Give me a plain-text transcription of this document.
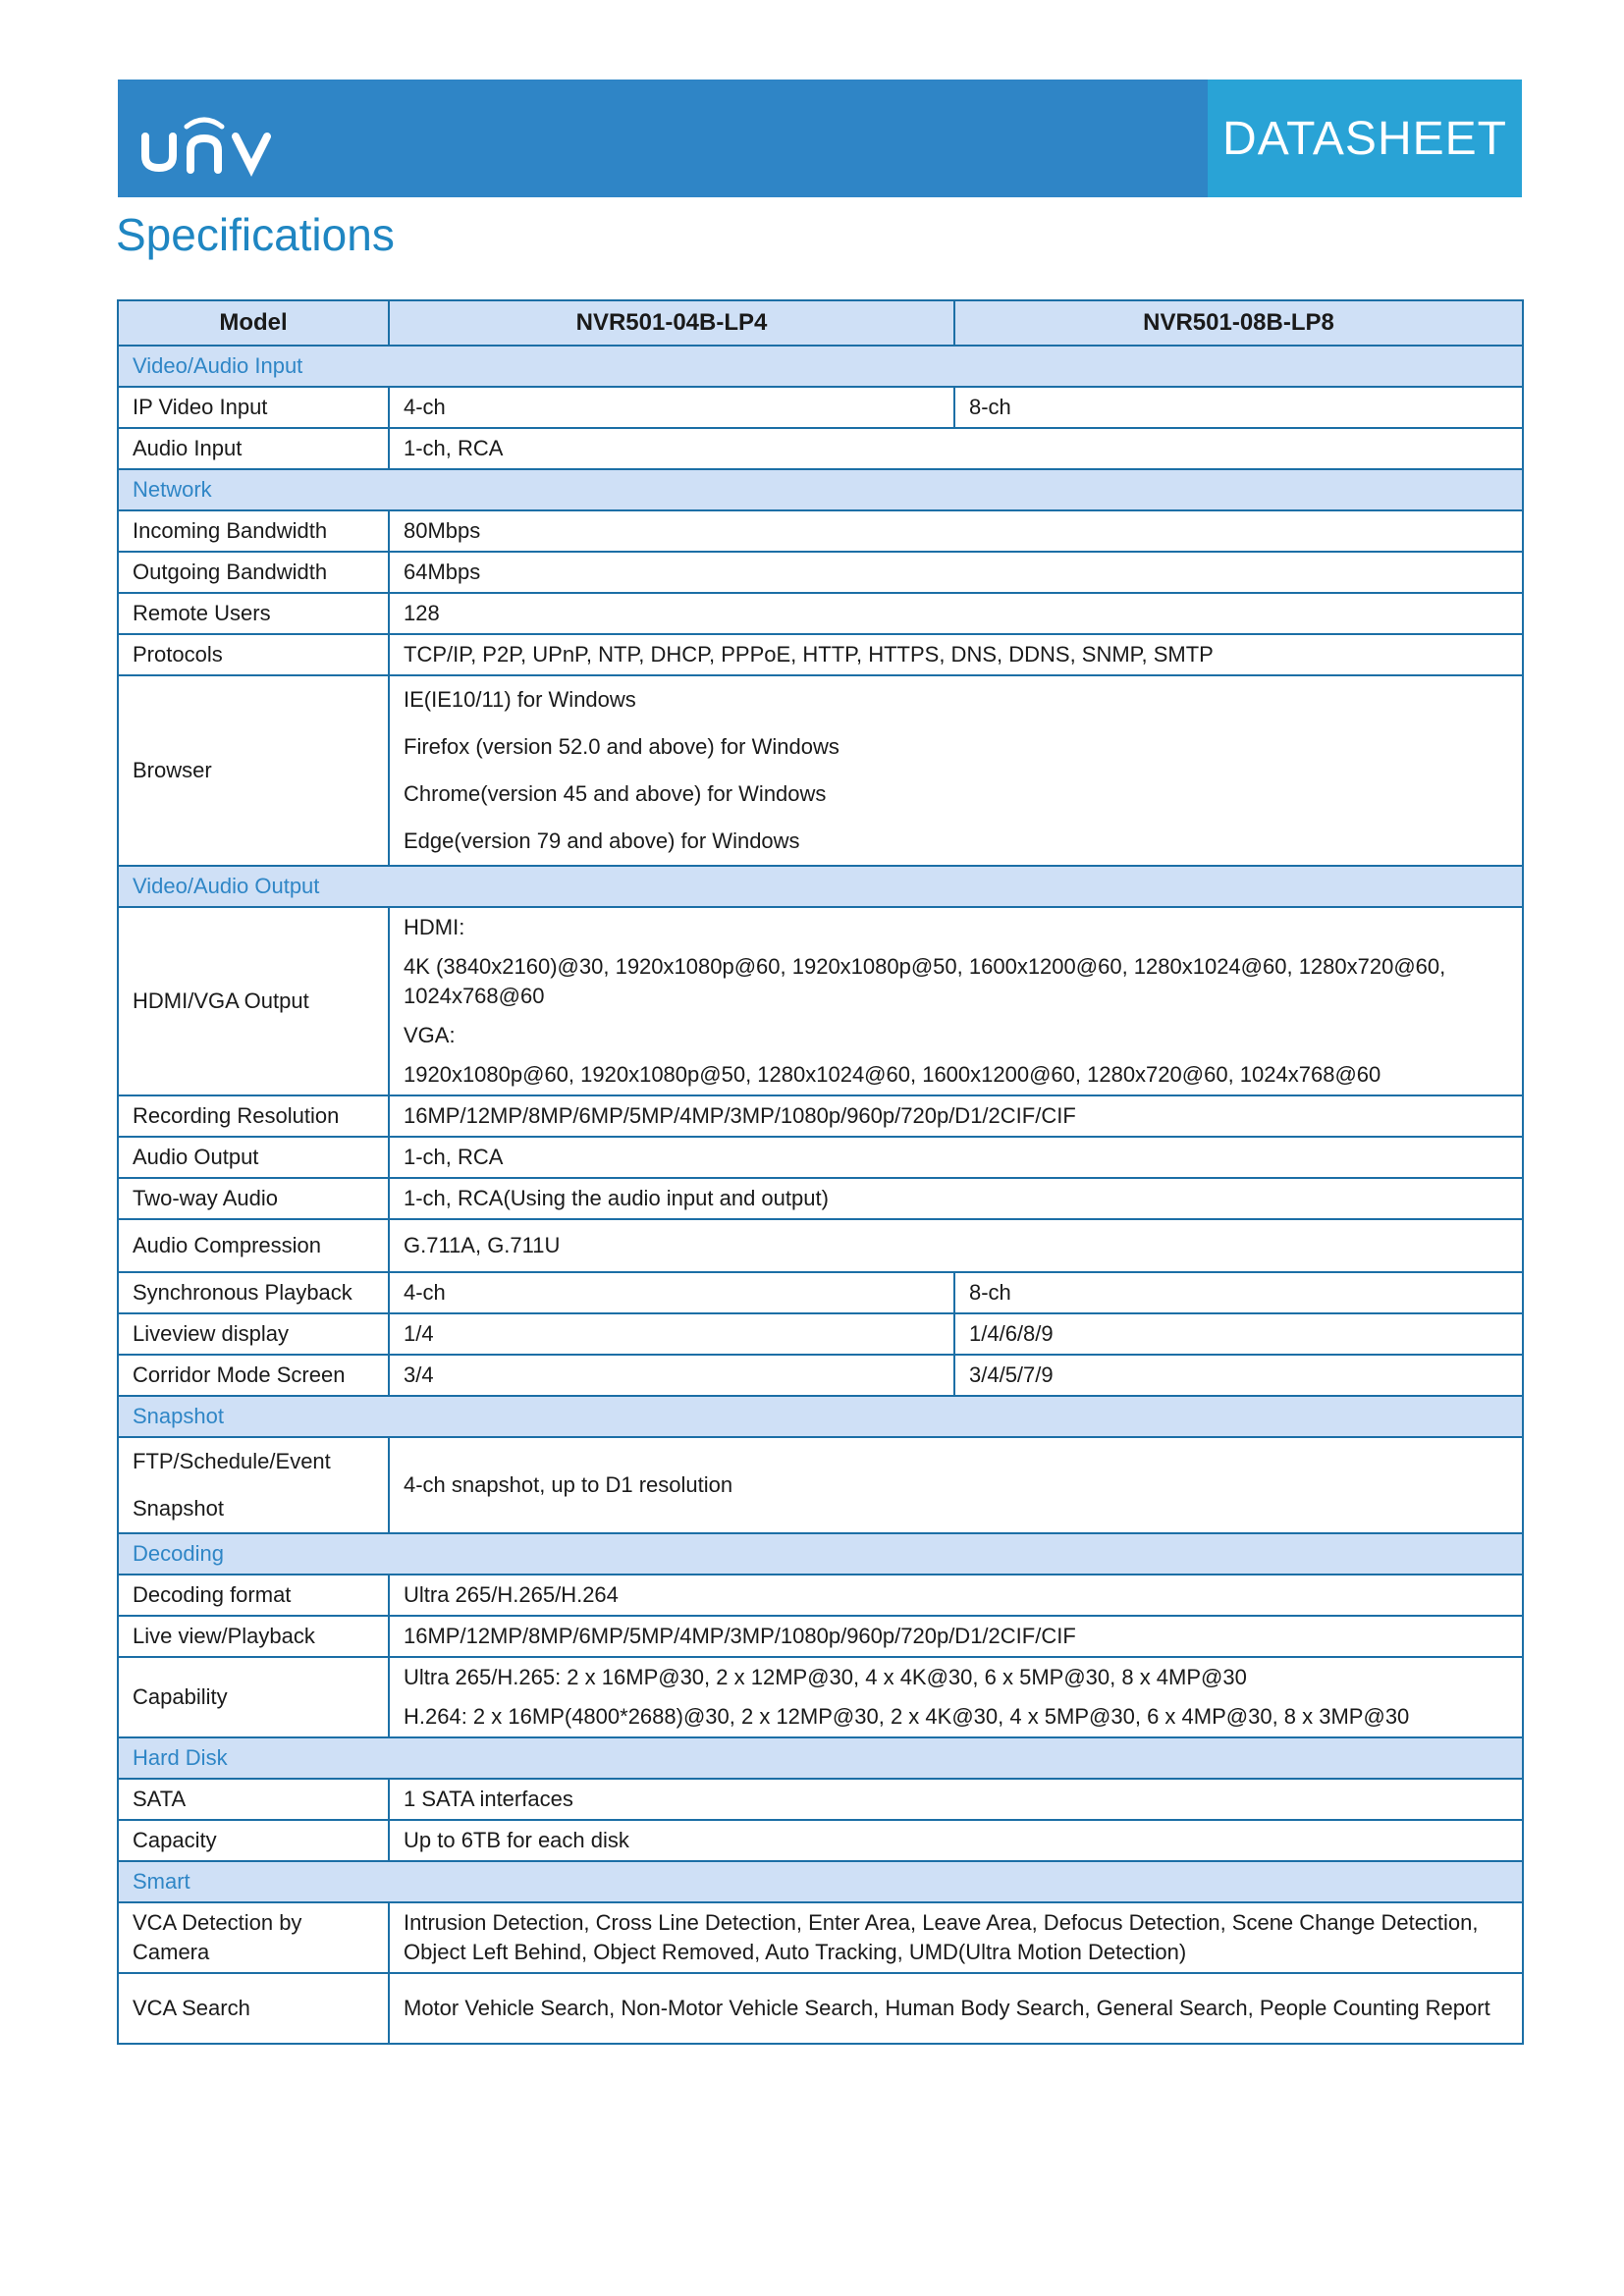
UNV
DATASHEET
Specifications
Model	NVR501-04B-LP4	NVR501-08B-LP8
Video/Audio Input		
IP Video Input	4-ch	8-ch
Audio Input	1-ch, RCA	
Network		
Incoming Bandwidth	80Mbps	
Outgoing Bandwidth	64Mbps	
Remote Users	128	
Protocols	TCP/IP, P2P, UPnP, NTP, DHCP, PPPoE, HTTP, HTTPS, DNS, DDNS, SNMP, SMTP	
Browser	IE(IE10/11) for Windows
Firefox (version 52.0 and above) for Windows
Chrome(version 45 and above) for Windows
Edge(version 79 and above) for Windows	

Video/Audio Output		
HDMI/VGA Output	HDMI:
4K (3840x2160)@30, 1920x1080p@60, 1920x1080p@50, 1600x1200@60, 1280x1024@60, 1280x720@60, 1024x768@60
VGA:
1920x1080p@60, 1920x1080p@50, 1280x1024@60, 1600x1200@60, 1280x720@60, 1024x768@60	

Recording Resolution	16MP/12MP/8MP/6MP/5MP/4MP/3MP/1080p/960p/720p/D1/2CIF/CIF	
Audio Output	1-ch, RCA	
Two-way Audio	1-ch, RCA(Using the audio input and output)	
Audio Compression	G.711A, G.711U	
Synchronous Playback	4-ch	8-ch
Liveview display	1/4	1/4/6/8/9
Corridor Mode Screen	3/4	3/4/5/7/9
Snapshot		

FTP/Schedule/Event
Snapshot	4-ch snapshot, up to D1 resolution	
Decoding		
Decoding format	Ultra 265/H.265/H.264	
Live view/Playback	16MP/12MP/8MP/6MP/5MP/4MP/3MP/1080p/960p/720p/D1/2CIF/CIF	
Capability	Ultra 265/H.265: 2 x 16MP@30, 2 x 12MP@30, 4 x 4K@30, 6 x 5MP@30, 8 x 4MP@30
H.264: 2 x 16MP(4800*2688)@30, 2 x 12MP@30, 2 x 4K@30, 4 x 5MP@30, 6 x 4MP@30, 8 x 3MP@30	

Hard Disk		
SATA	1 SATA interfaces	
Capacity	Up to 6TB for each disk	
Smart		
VCA Detection by Camera	Intrusion Detection, Cross Line Detection, Enter Area, Leave Area, Defocus Detection, Scene Change Detection, Object Left Behind, Object Removed, Auto Tracking, UMD(Ultra Motion Detection)	
VCA Search	Motor Vehicle Search, Non-Motor Vehicle Search, Human Body Search, General Search, People Counting Report	
